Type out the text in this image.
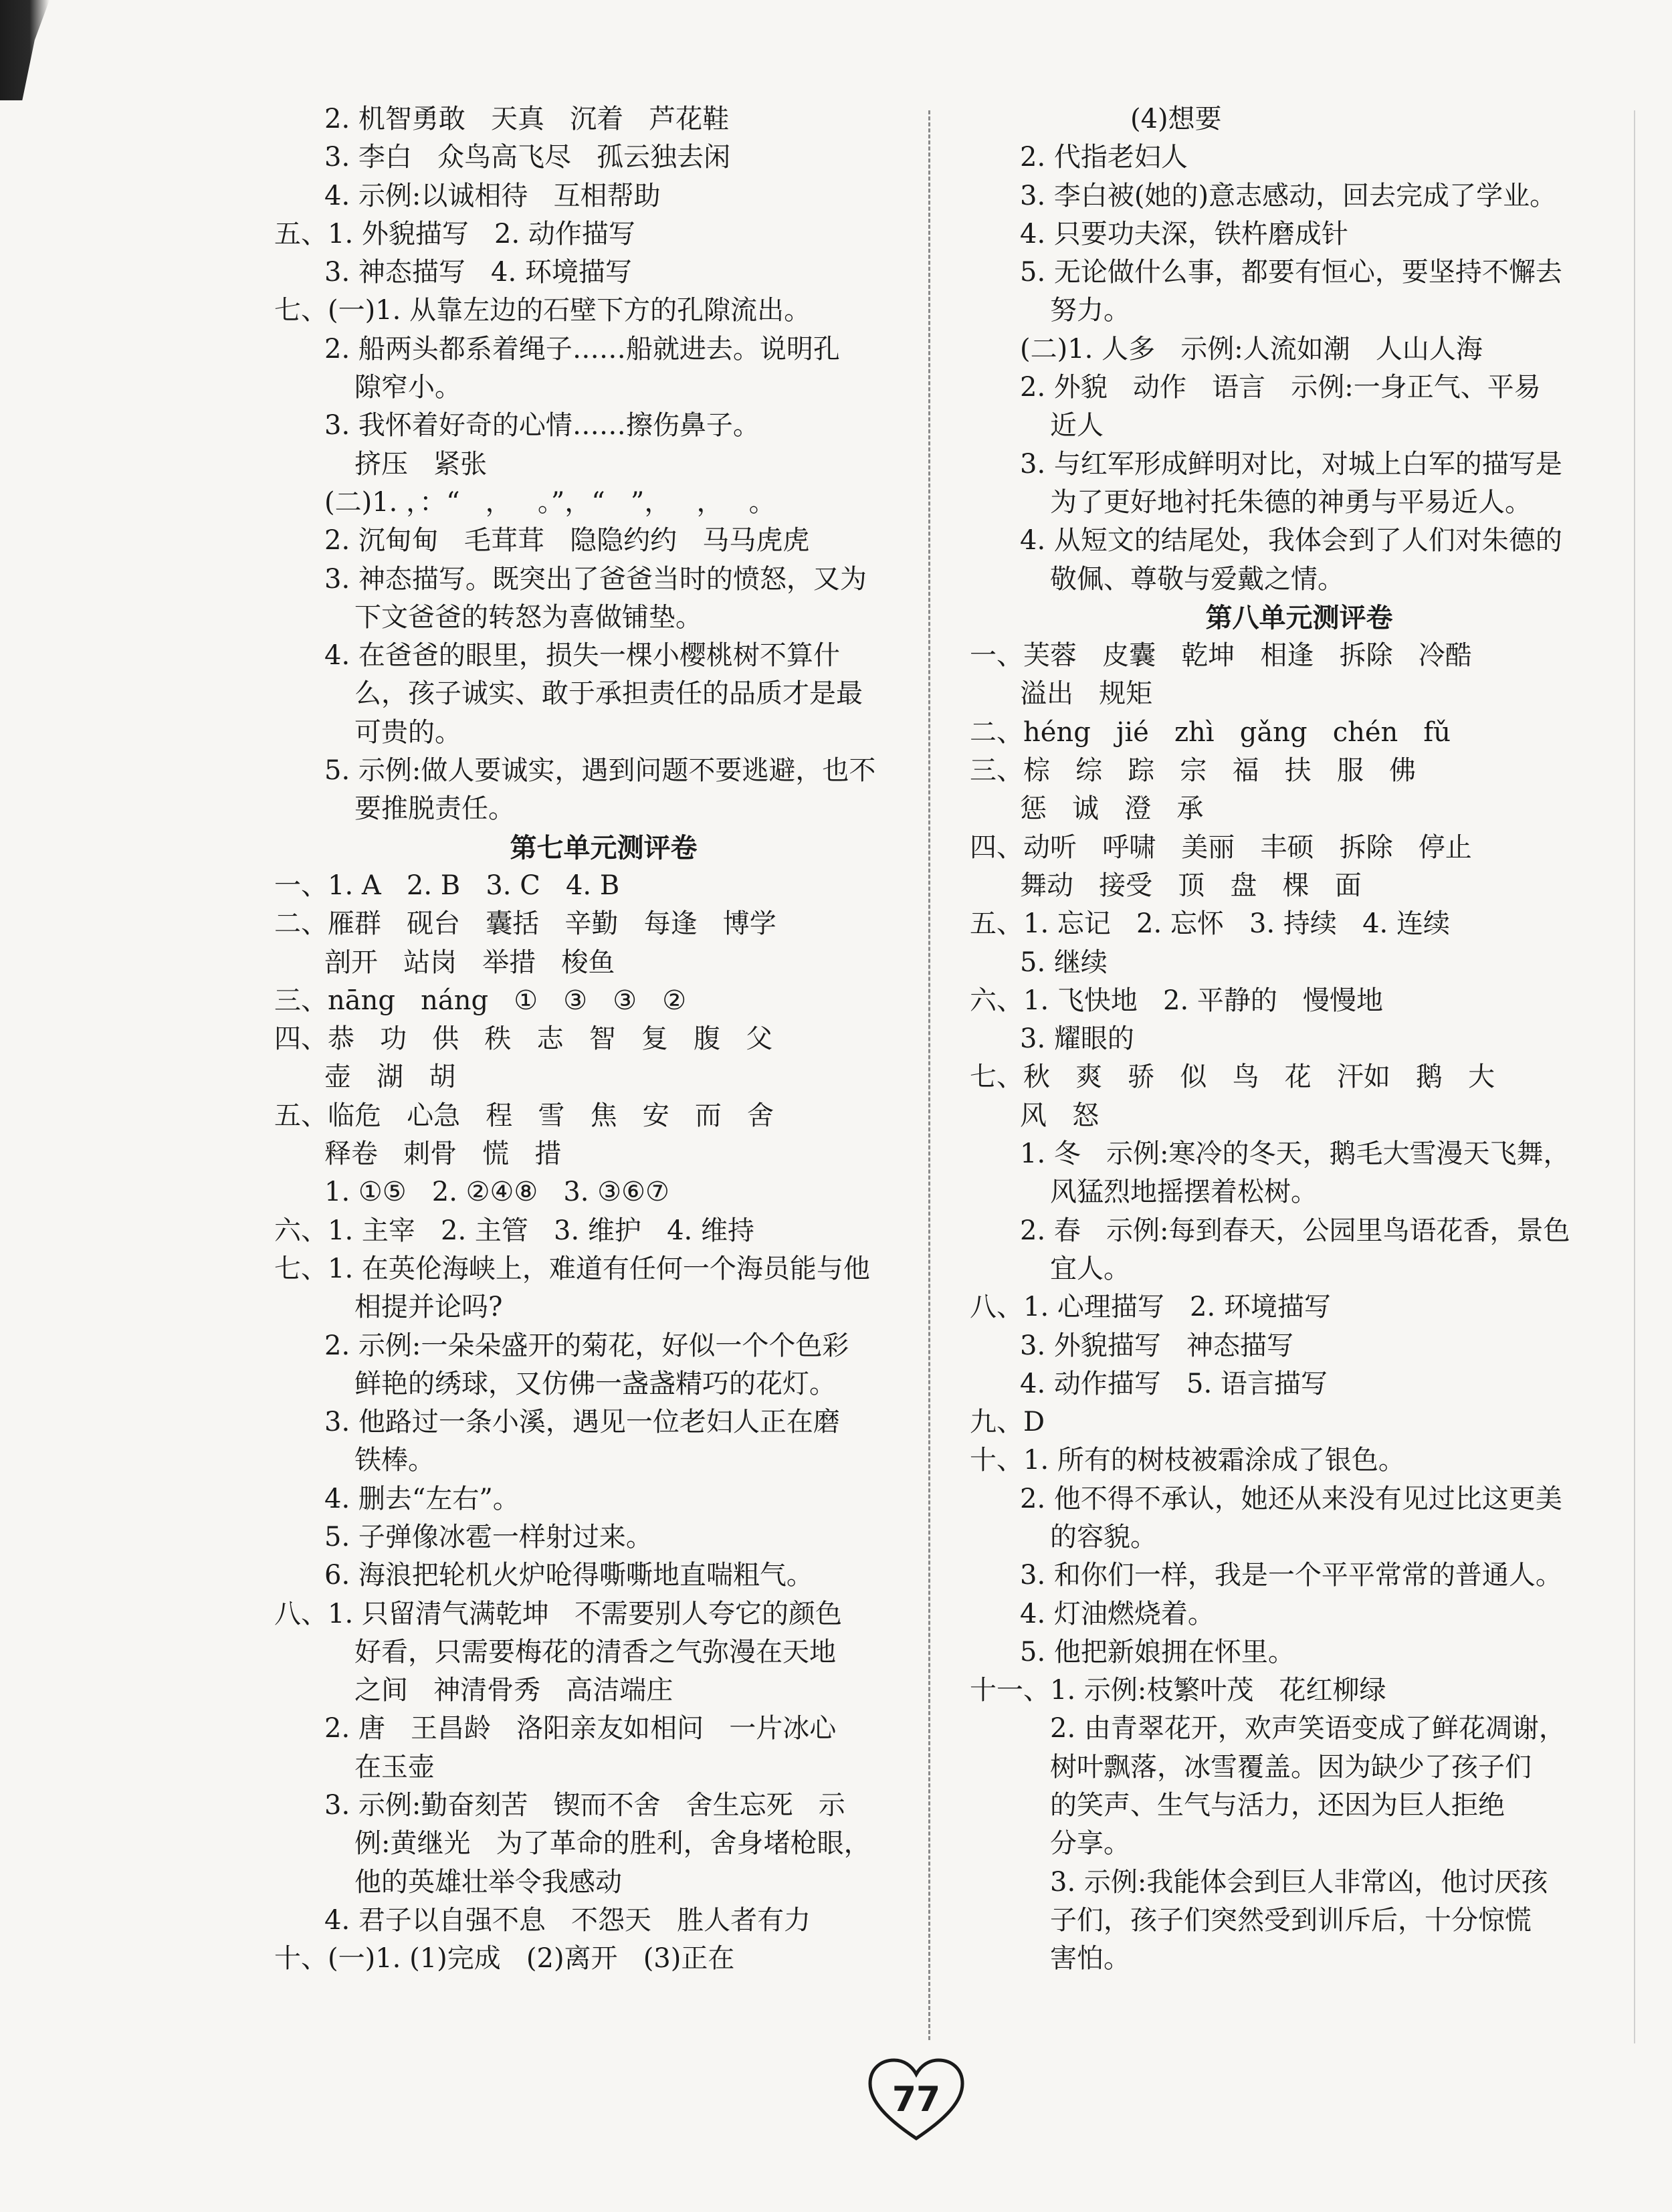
2. 机智勇敢   天真   沉着   芦花鞋
3. 李白   众鸟高飞尽   孤云独去闲
4. 示例:以诚相待   互相帮助
五、1. 外貌描写   2. 动作描写
3. 神态描写   4. 环境描写
七、(一)1. 从靠左边的石壁下方的孔隙流出。
2. 船两头都系着绳子……船就进去。说明孔
隙窄小。
3. 我怀着好奇的心情……擦伤鼻子。
挤压   紧张
(二)1. ，：“   ，   。”，“   ”，   ，   。
2. 沉甸甸   毛茸茸   隐隐约约   马马虎虎
3. 神态描写。既突出了爸爸当时的愤怒，又为
下文爸爸的转怒为喜做铺垫。
4. 在爸爸的眼里，损失一棵小樱桃树不算什
么，孩子诚实、敢于承担责任的品质才是最
可贵的。
5. 示例:做人要诚实，遇到问题不要逃避，也不
要推脱责任。
第七单元测评卷
一、1. A   2. B   3. C   4. B
二、雁群   砚台   囊括   辛勤   每逢   博学
剖开   站岗   举措   梭鱼
三、nāng   náng   ①   ③   ③   ②
四、恭   功   供   秩   志   智   复   腹   父
壶   湖   胡
五、临危   心急   程   雪   焦   安   而   舍
释卷   刺骨   慌   措
1. ①⑤   2. ②④⑧   3. ③⑥⑦
六、1. 主宰   2. 主管   3. 维护   4. 维持
七、1. 在英伦海峡上，难道有任何一个海员能与他
相提并论吗?
2. 示例:一朵朵盛开的菊花，好似一个个色彩
鲜艳的绣球，又仿佛一盏盏精巧的花灯。
3. 他路过一条小溪，遇见一位老妇人正在磨
铁棒。
4. 删去“左右”。
5. 子弹像冰雹一样射过来。
6. 海浪把轮机火炉呛得嘶嘶地直喘粗气。
八、1. 只留清气满乾坤   不需要别人夸它的颜色
好看，只需要梅花的清香之气弥漫在天地
之间   神清骨秀   高洁端庄
2. 唐   王昌龄   洛阳亲友如相问   一片冰心
在玉壶
3. 示例:勤奋刻苦   锲而不舍   舍生忘死   示
例:黄继光   为了革命的胜利，舍身堵枪眼，
他的英雄壮举令我感动
4. 君子以自强不息   不怨天   胜人者有力
十、(一)1. (1)完成   (2)离开   (3)正在
(4)想要
2. 代指老妇人
3. 李白被(她的)意志感动，回去完成了学业。
4. 只要功夫深，铁杵磨成针
5. 无论做什么事，都要有恒心，要坚持不懈去
努力。
(二)1. 人多   示例:人流如潮   人山人海
2. 外貌   动作   语言   示例:一身正气、平易
近人
3. 与红军形成鲜明对比，对城上白军的描写是
为了更好地衬托朱德的神勇与平易近人。
4. 从短文的结尾处，我体会到了人们对朱德的
敬佩、尊敬与爱戴之情。
第八单元测评卷
一、芙蓉   皮囊   乾坤   相逢   拆除   冷酷
溢出   规矩
二、héng   jié   zhì   gǎng   chén   fǔ
三、棕   综   踪   宗   福   扶   服   佛
惩   诚   澄   承
四、动听   呼啸   美丽   丰硕   拆除   停止
舞动   接受   顶   盘   棵   面
五、1. 忘记   2. 忘怀   3. 持续   4. 连续
5. 继续
六、1. 飞快地   2. 平静的   慢慢地
3. 耀眼的
七、秋   爽   骄   似   鸟   花   汗如   鹅   大
风   怒
1. 冬   示例:寒冷的冬天，鹅毛大雪漫天飞舞，
风猛烈地摇摆着松树。
2. 春   示例:每到春天，公园里鸟语花香，景色
宜人。
八、1. 心理描写   2. 环境描写
3. 外貌描写   神态描写
4. 动作描写   5. 语言描写
九、D
十、1. 所有的树枝被霜涂成了银色。
2. 他不得不承认，她还从来没有见过比这更美
的容貌。
3. 和你们一样，我是一个平平常常的普通人。
4. 灯油燃烧着。
5. 他把新娘拥在怀里。
十一、1. 示例:枝繁叶茂   花红柳绿
2. 由青翠花开，欢声笑语变成了鲜花凋谢，
树叶飘落，冰雪覆盖。因为缺少了孩子们
的笑声、生气与活力，还因为巨人拒绝
分享。
3. 示例:我能体会到巨人非常凶，他讨厌孩
子们，孩子们突然受到训斥后，十分惊慌
害怕。
77
